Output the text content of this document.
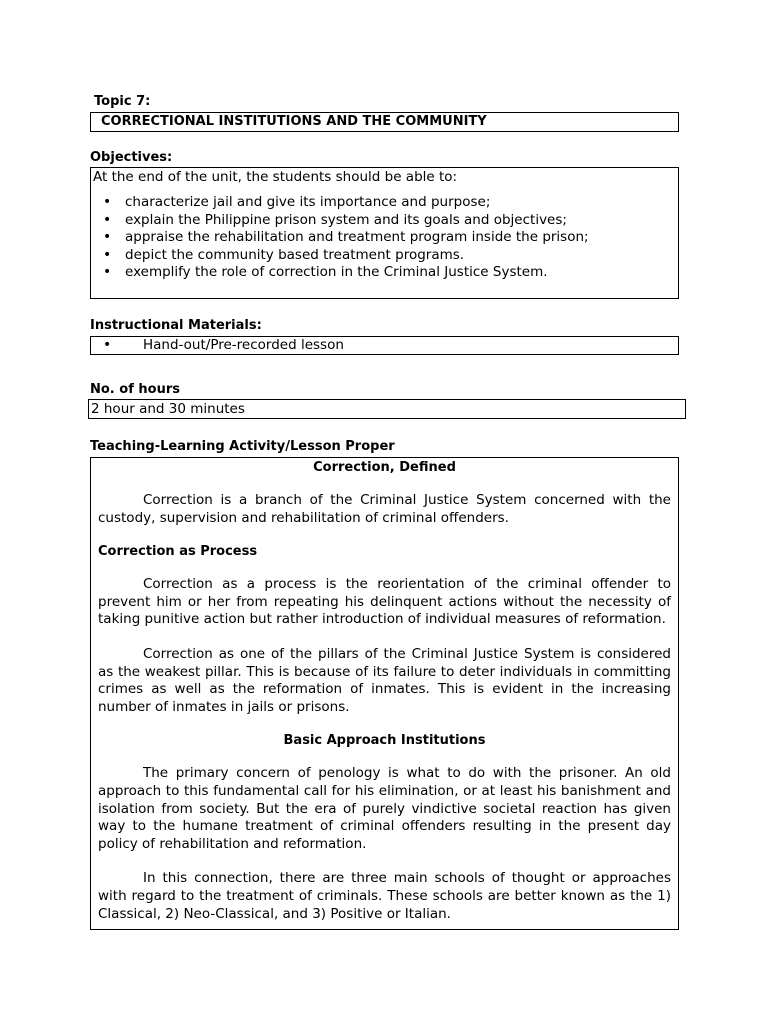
Topic 7:
CORRECTIONAL INSTITUTIONS AND THE COMMUNITY
Objectives:
At the end of the unit, the students should be able to:
• characterize jail and give its importance and purpose;
• explain the Philippine prison system and its goals and objectives;
• appraise the rehabilitation and treatment program inside the prison;
• depict the community based treatment programs.
• exemplify the role of correction in the Criminal Justice System.
Instructional Materials:
• Hand-out/Pre-recorded lesson
No. of hours
2 hour and 30 minutes
Teaching-Learning Activity/Lesson Proper
Correction, Defined

Correction is a branch of the Criminal Justice System concerned with the custody, supervision and rehabilitation of criminal offenders.

Correction as Process

Correction as a process is the reorientation of the criminal offender to prevent him or her from repeating his delinquent actions without the necessity of taking punitive action but rather introduction of individual measures of reformation.

Correction as one of the pillars of the Criminal Justice System is considered as the weakest pillar. This is because of its failure to deter individuals in committing crimes as well as the reformation of inmates. This is evident in the increasing number of inmates in jails or prisons.

Basic Approach Institutions

The primary concern of penology is what to do with the prisoner. An old approach to this fundamental call for his elimination, or at least his banishment and isolation from society. But the era of purely vindictive societal reaction has given way to the humane treatment of criminal offenders resulting in the present day policy of rehabilitation and reformation.

In this connection, there are three main schools of thought or approaches with regard to the treatment of criminals. These schools are better known as the 1) Classical, 2) Neo-Classical, and 3) Positive or Italian.
